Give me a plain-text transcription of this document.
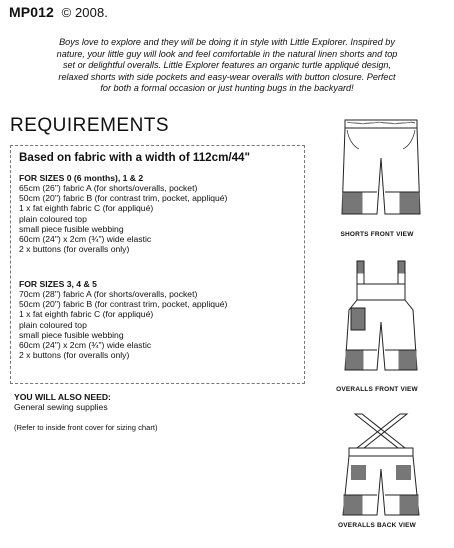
MP012 © 2008.
Boys love to explore and they will be doing it in style with Little Explorer. Inspired by
nature, your little guy will look and feel comfortable in the natural linen shorts and top
set or delightful overalls. Little Explorer features an organic turtle appliqué design,
relaxed shorts with side pockets and easy-wear overalls with button closure. Perfect
for both a formal occasion or just hunting bugs in the backyard!
REQUIREMENTS
Based on fabric with a width of 112cm/44"
FOR SIZES 0 (6 months), 1 & 2
65cm (26") fabric A (for shorts/overalls, pocket)
50cm (20") fabric B (for contrast trim, pocket, appliqué)
1 x fat eighth fabric C (for appliqué)
plain coloured top
small piece fusible webbing
60cm (24") x 2cm (¾") wide elastic
2 x buttons (for overalls only)
FOR SIZES 3, 4 & 5
70cm (28") fabric A (for shorts/overalls, pocket)
50cm (20") fabric B (for contrast trim, pocket, appliqué)
1 x fat eighth fabric C (for appliqué)
plain coloured top
small piece fusible webbing
60cm (24") x 2cm (¾") wide elastic
2 x buttons (for overalls only)
YOU WILL ALSO NEED:
General sewing supplies
(Refer to inside front cover for sizing chart)
SHORTS FRONT VIEW
OVERALLS FRONT VIEW
OVERALLS BACK VIEW
